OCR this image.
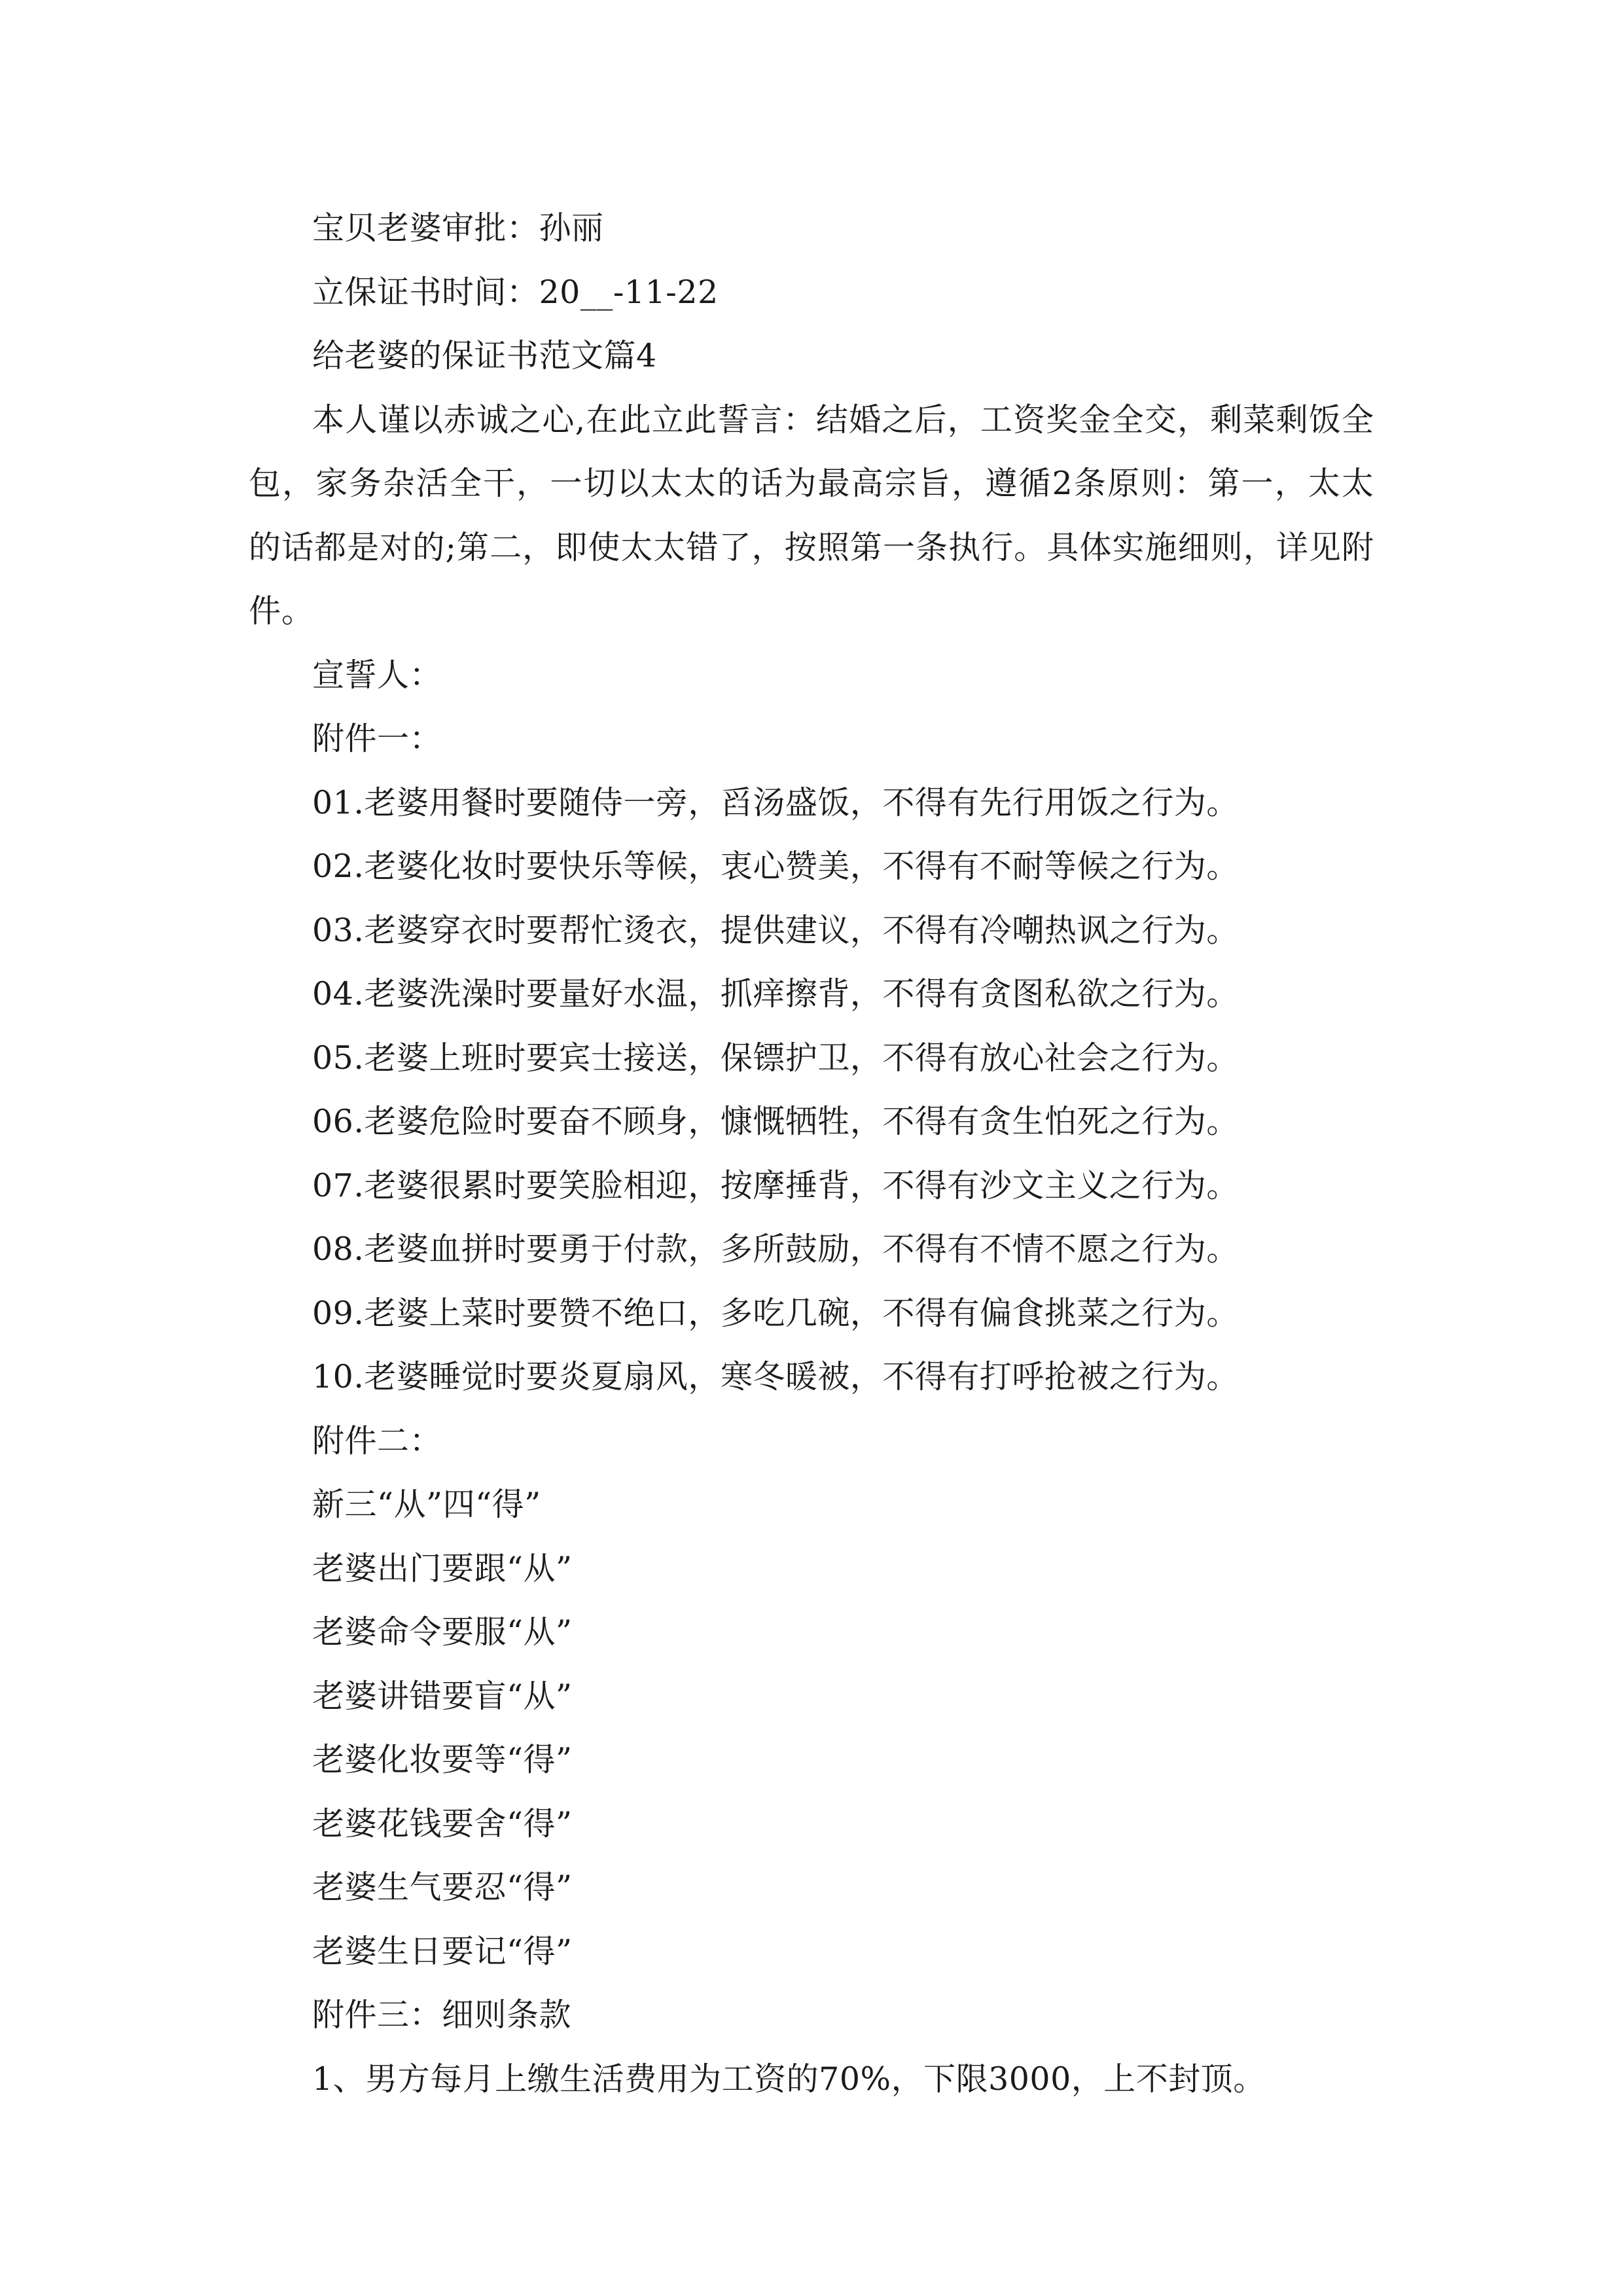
宝贝老婆审批：孙丽

立保证书时间：20__-11-22

给老婆的保证书范文篇4

本人谨以赤诚之心,在此立此誓言：结婚之后，工资奖金全交，剩菜剩饭全包，家务杂活全干，一切以太太的话为最高宗旨，遵循2条原则：第一，太太的话都是对的;第二，即使太太错了，按照第一条执行。具体实施细则，详见附件。

宣誓人：

附件一：

01.老婆用餐时要随侍一旁，舀汤盛饭，不得有先行用饭之行为。

02.老婆化妆时要快乐等候，衷心赞美，不得有不耐等候之行为。

03.老婆穿衣时要帮忙烫衣，提供建议，不得有冷嘲热讽之行为。

04.老婆洗澡时要量好水温，抓痒擦背，不得有贪图私欲之行为。

05.老婆上班时要宾士接送，保镖护卫，不得有放心社会之行为。

06.老婆危险时要奋不顾身，慷慨牺牲，不得有贪生怕死之行为。

07.老婆很累时要笑脸相迎，按摩捶背，不得有沙文主义之行为。

08.老婆血拼时要勇于付款，多所鼓励，不得有不情不愿之行为。

09.老婆上菜时要赞不绝口，多吃几碗，不得有偏食挑菜之行为。

10.老婆睡觉时要炎夏扇风，寒冬暖被，不得有打呼抢被之行为。

附件二：

新三“从”四“得”

老婆出门要跟“从”

老婆命令要服“从”

老婆讲错要盲“从”

老婆化妆要等“得”

老婆花钱要舍“得”

老婆生气要忍“得”

老婆生日要记“得”

附件三：细则条款

1、男方每月上缴生活费用为工资的70%，下限3000，上不封顶。
